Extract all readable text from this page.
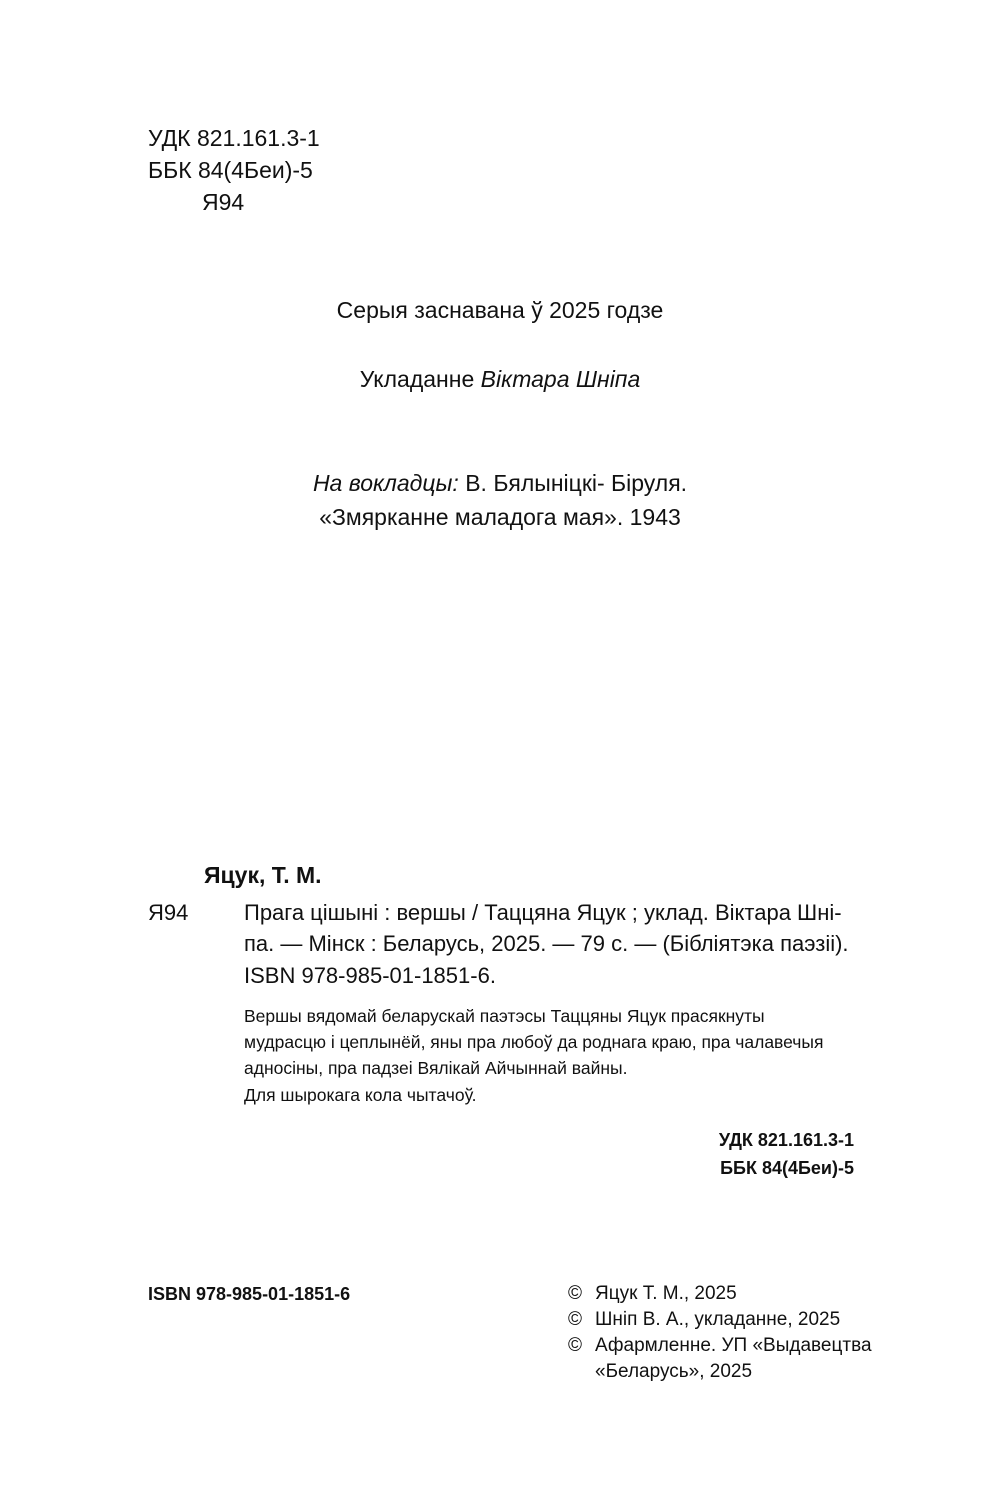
УДК 821.161.3-1
ББК 84(4Беи)-5
Я94
Серыя заснавана ў 2025 годзе
Укладанне Віктара Шніпа
На вокладцы: В. Бялыніцкі- Біруля.
«Змярканне маладога мая». 1943
Яцук, Т. М.
Я94	Прага цішыні : вершы / Таццяна Яцук ; уклад. Віктара Шні-
па. — Мінск : Беларусь, 2025. — 79 с. — (Бібліятэка паэзіі).
ISBN 978-985-01-1851-6.
Вершы вядомай беларускай паэтэсы Таццяны Яцук прасякнуты
мудрасцю і цеплынёй, яны пра любоў да роднага краю, пра чалавечыя
адносіны, пра падзеі Вялікай Айчыннай вайны.
Для шырокага кола чытачоў.
УДК 821.161.3-1
ББК 84(4Беи)-5
ISBN 978-985-01-1851-6	© Яцук Т. М., 2025
© Шніп В. А., укладанне, 2025
© Афармленне. УП «Выдавецтва
«Беларусь», 2025
